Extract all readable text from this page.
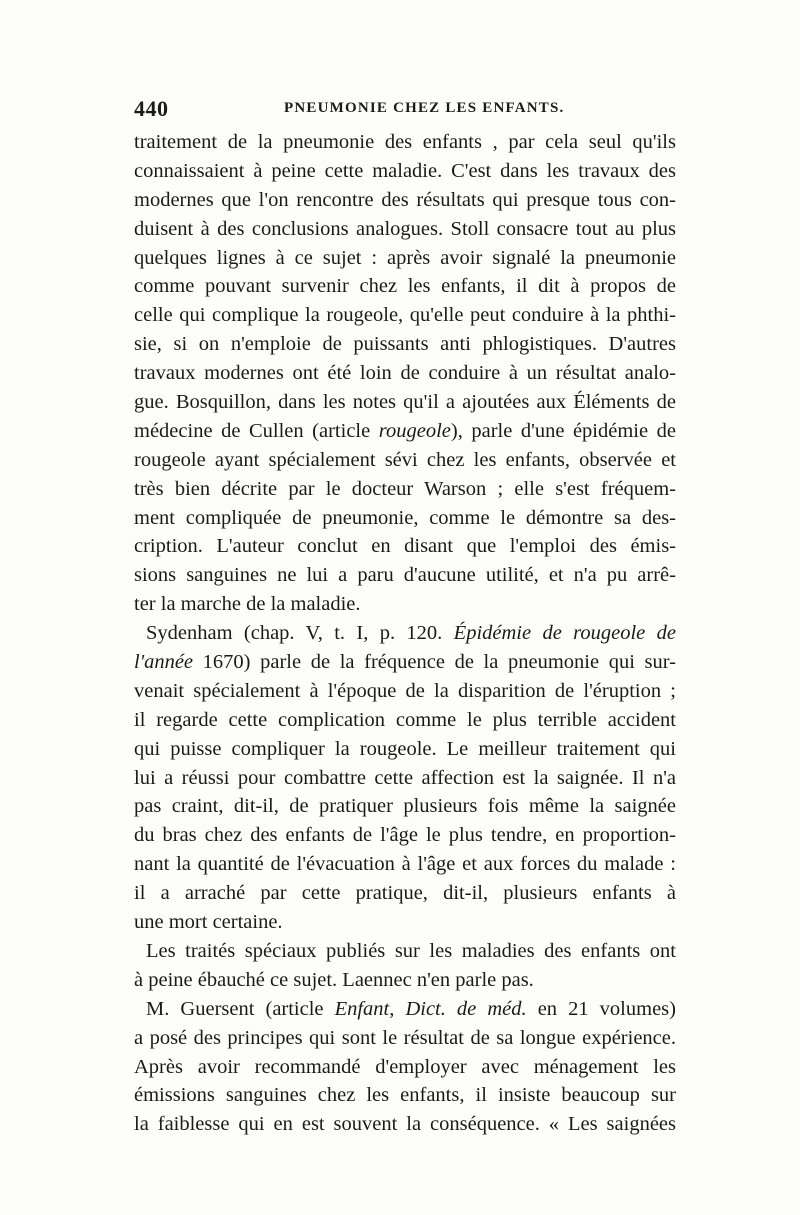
440	PNEUMONIE CHEZ LES ENFANTS.
traitement de la pneumonie des enfants , par cela seul qu'ils
connaissaient à peine cette maladie. C'est dans les travaux des
modernes que l'on rencontre des résultats qui presque tous con-
duisent à des conclusions analogues. Stoll consacre tout au plus
quelques lignes à ce sujet : après avoir signalé la pneumonie
comme pouvant survenir chez les enfants, il dit à propos de
celle qui complique la rougeole, qu'elle peut conduire à la phthi-
sie, si on n'emploie de puissants anti phlogistiques. D'autres
travaux modernes ont été loin de conduire à un résultat analo-
gue. Bosquillon, dans les notes qu'il a ajoutées aux Éléments de
médecine de Cullen (article rougeole), parle d'une épidémie de
rougeole ayant spécialement sévi chez les enfants, observée et
très bien décrite par le docteur Warson ; elle s'est fréquem-
ment compliquée de pneumonie, comme le démontre sa des-
cription. L'auteur conclut en disant que l'emploi des émis-
sions sanguines ne lui a paru d'aucune utilité, et n'a pu arrê-
ter la marche de la maladie.
Sydenham (chap. V, t. I, p. 120. Épidémie de rougeole de
l'année 1670) parle de la fréquence de la pneumonie qui sur-
venait spécialement à l'époque de la disparition de l'éruption ;
il regarde cette complication comme le plus terrible accident
qui puisse compliquer la rougeole. Le meilleur traitement qui
lui a réussi pour combattre cette affection est la saignée. Il n'a
pas craint, dit-il, de pratiquer plusieurs fois même la saignée
du bras chez des enfants de l'âge le plus tendre, en proportion-
nant la quantité de l'évacuation à l'âge et aux forces du malade :
il a arraché par cette pratique, dit-il, plusieurs enfants à
une mort certaine.
Les traités spéciaux publiés sur les maladies des enfants ont
à peine ébauché ce sujet. Laennec n'en parle pas.
M. Guersent (article Enfant, Dict. de méd. en 21 volumes)
a posé des principes qui sont le résultat de sa longue expérience.
Après avoir recommandé d'employer avec ménagement les
émissions sanguines chez les enfants, il insiste beaucoup sur
la faiblesse qui en est souvent la conséquence. « Les saignées
